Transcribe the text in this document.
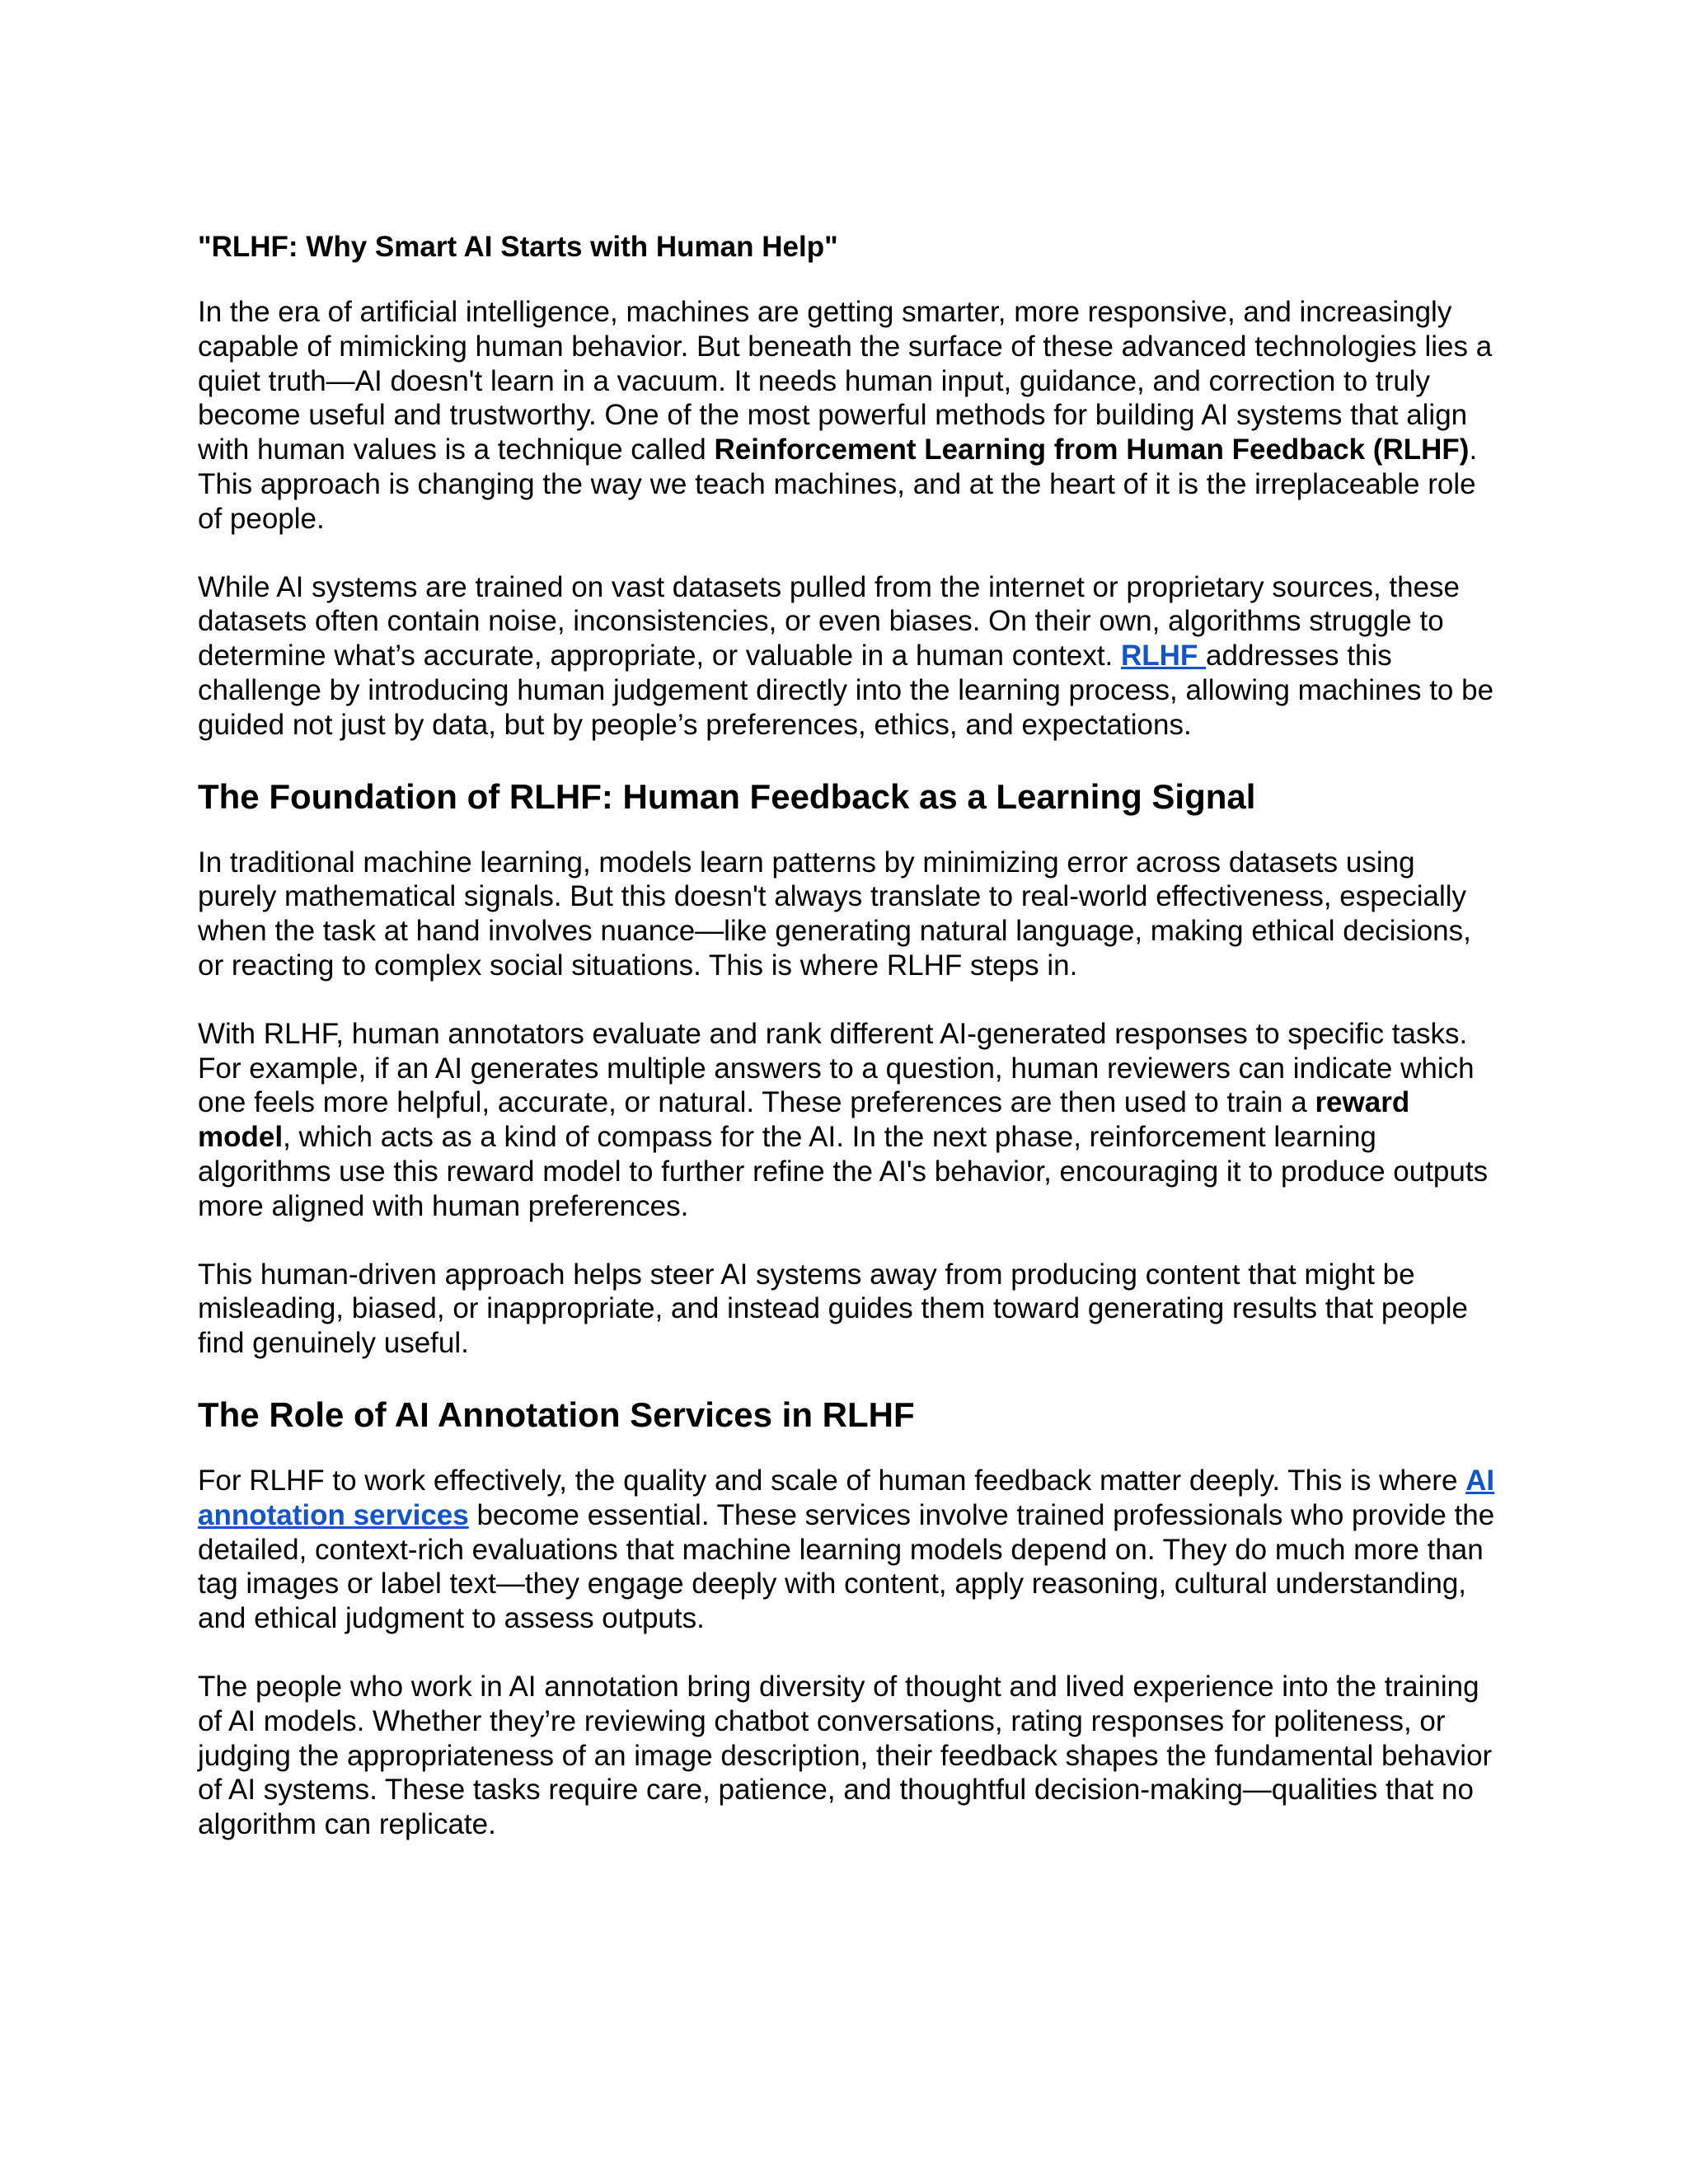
"RLHF: Why Smart AI Starts with Human Help"

In the era of artificial intelligence, machines are getting smarter, more responsive, and increasingly capable of mimicking human behavior. But beneath the surface of these advanced technologies lies a quiet truth—AI doesn't learn in a vacuum. It needs human input, guidance, and correction to truly become useful and trustworthy. One of the most powerful methods for building AI systems that align with human values is a technique called Reinforcement Learning from Human Feedback (RLHF). This approach is changing the way we teach machines, and at the heart of it is the irreplaceable role of people.

While AI systems are trained on vast datasets pulled from the internet or proprietary sources, these datasets often contain noise, inconsistencies, or even biases. On their own, algorithms struggle to determine what’s accurate, appropriate, or valuable in a human context. RLHF addresses this challenge by introducing human judgement directly into the learning process, allowing machines to be guided not just by data, but by people’s preferences, ethics, and expectations.

The Foundation of RLHF: Human Feedback as a Learning Signal

In traditional machine learning, models learn patterns by minimizing error across datasets using purely mathematical signals. But this doesn't always translate to real-world effectiveness, especially when the task at hand involves nuance—like generating natural language, making ethical decisions, or reacting to complex social situations. This is where RLHF steps in.

With RLHF, human annotators evaluate and rank different AI-generated responses to specific tasks. For example, if an AI generates multiple answers to a question, human reviewers can indicate which one feels more helpful, accurate, or natural. These preferences are then used to train a reward model, which acts as a kind of compass for the AI. In the next phase, reinforcement learning algorithms use this reward model to further refine the AI's behavior, encouraging it to produce outputs more aligned with human preferences.

This human-driven approach helps steer AI systems away from producing content that might be misleading, biased, or inappropriate, and instead guides them toward generating results that people find genuinely useful.

The Role of AI Annotation Services in RLHF

For RLHF to work effectively, the quality and scale of human feedback matter deeply. This is where AI annotation services become essential. These services involve trained professionals who provide the detailed, context-rich evaluations that machine learning models depend on. They do much more than tag images or label text—they engage deeply with content, apply reasoning, cultural understanding, and ethical judgment to assess outputs.

The people who work in AI annotation bring diversity of thought and lived experience into the training of AI models. Whether they’re reviewing chatbot conversations, rating responses for politeness, or judging the appropriateness of an image description, their feedback shapes the fundamental behavior of AI systems. These tasks require care, patience, and thoughtful decision-making—qualities that no algorithm can replicate.
